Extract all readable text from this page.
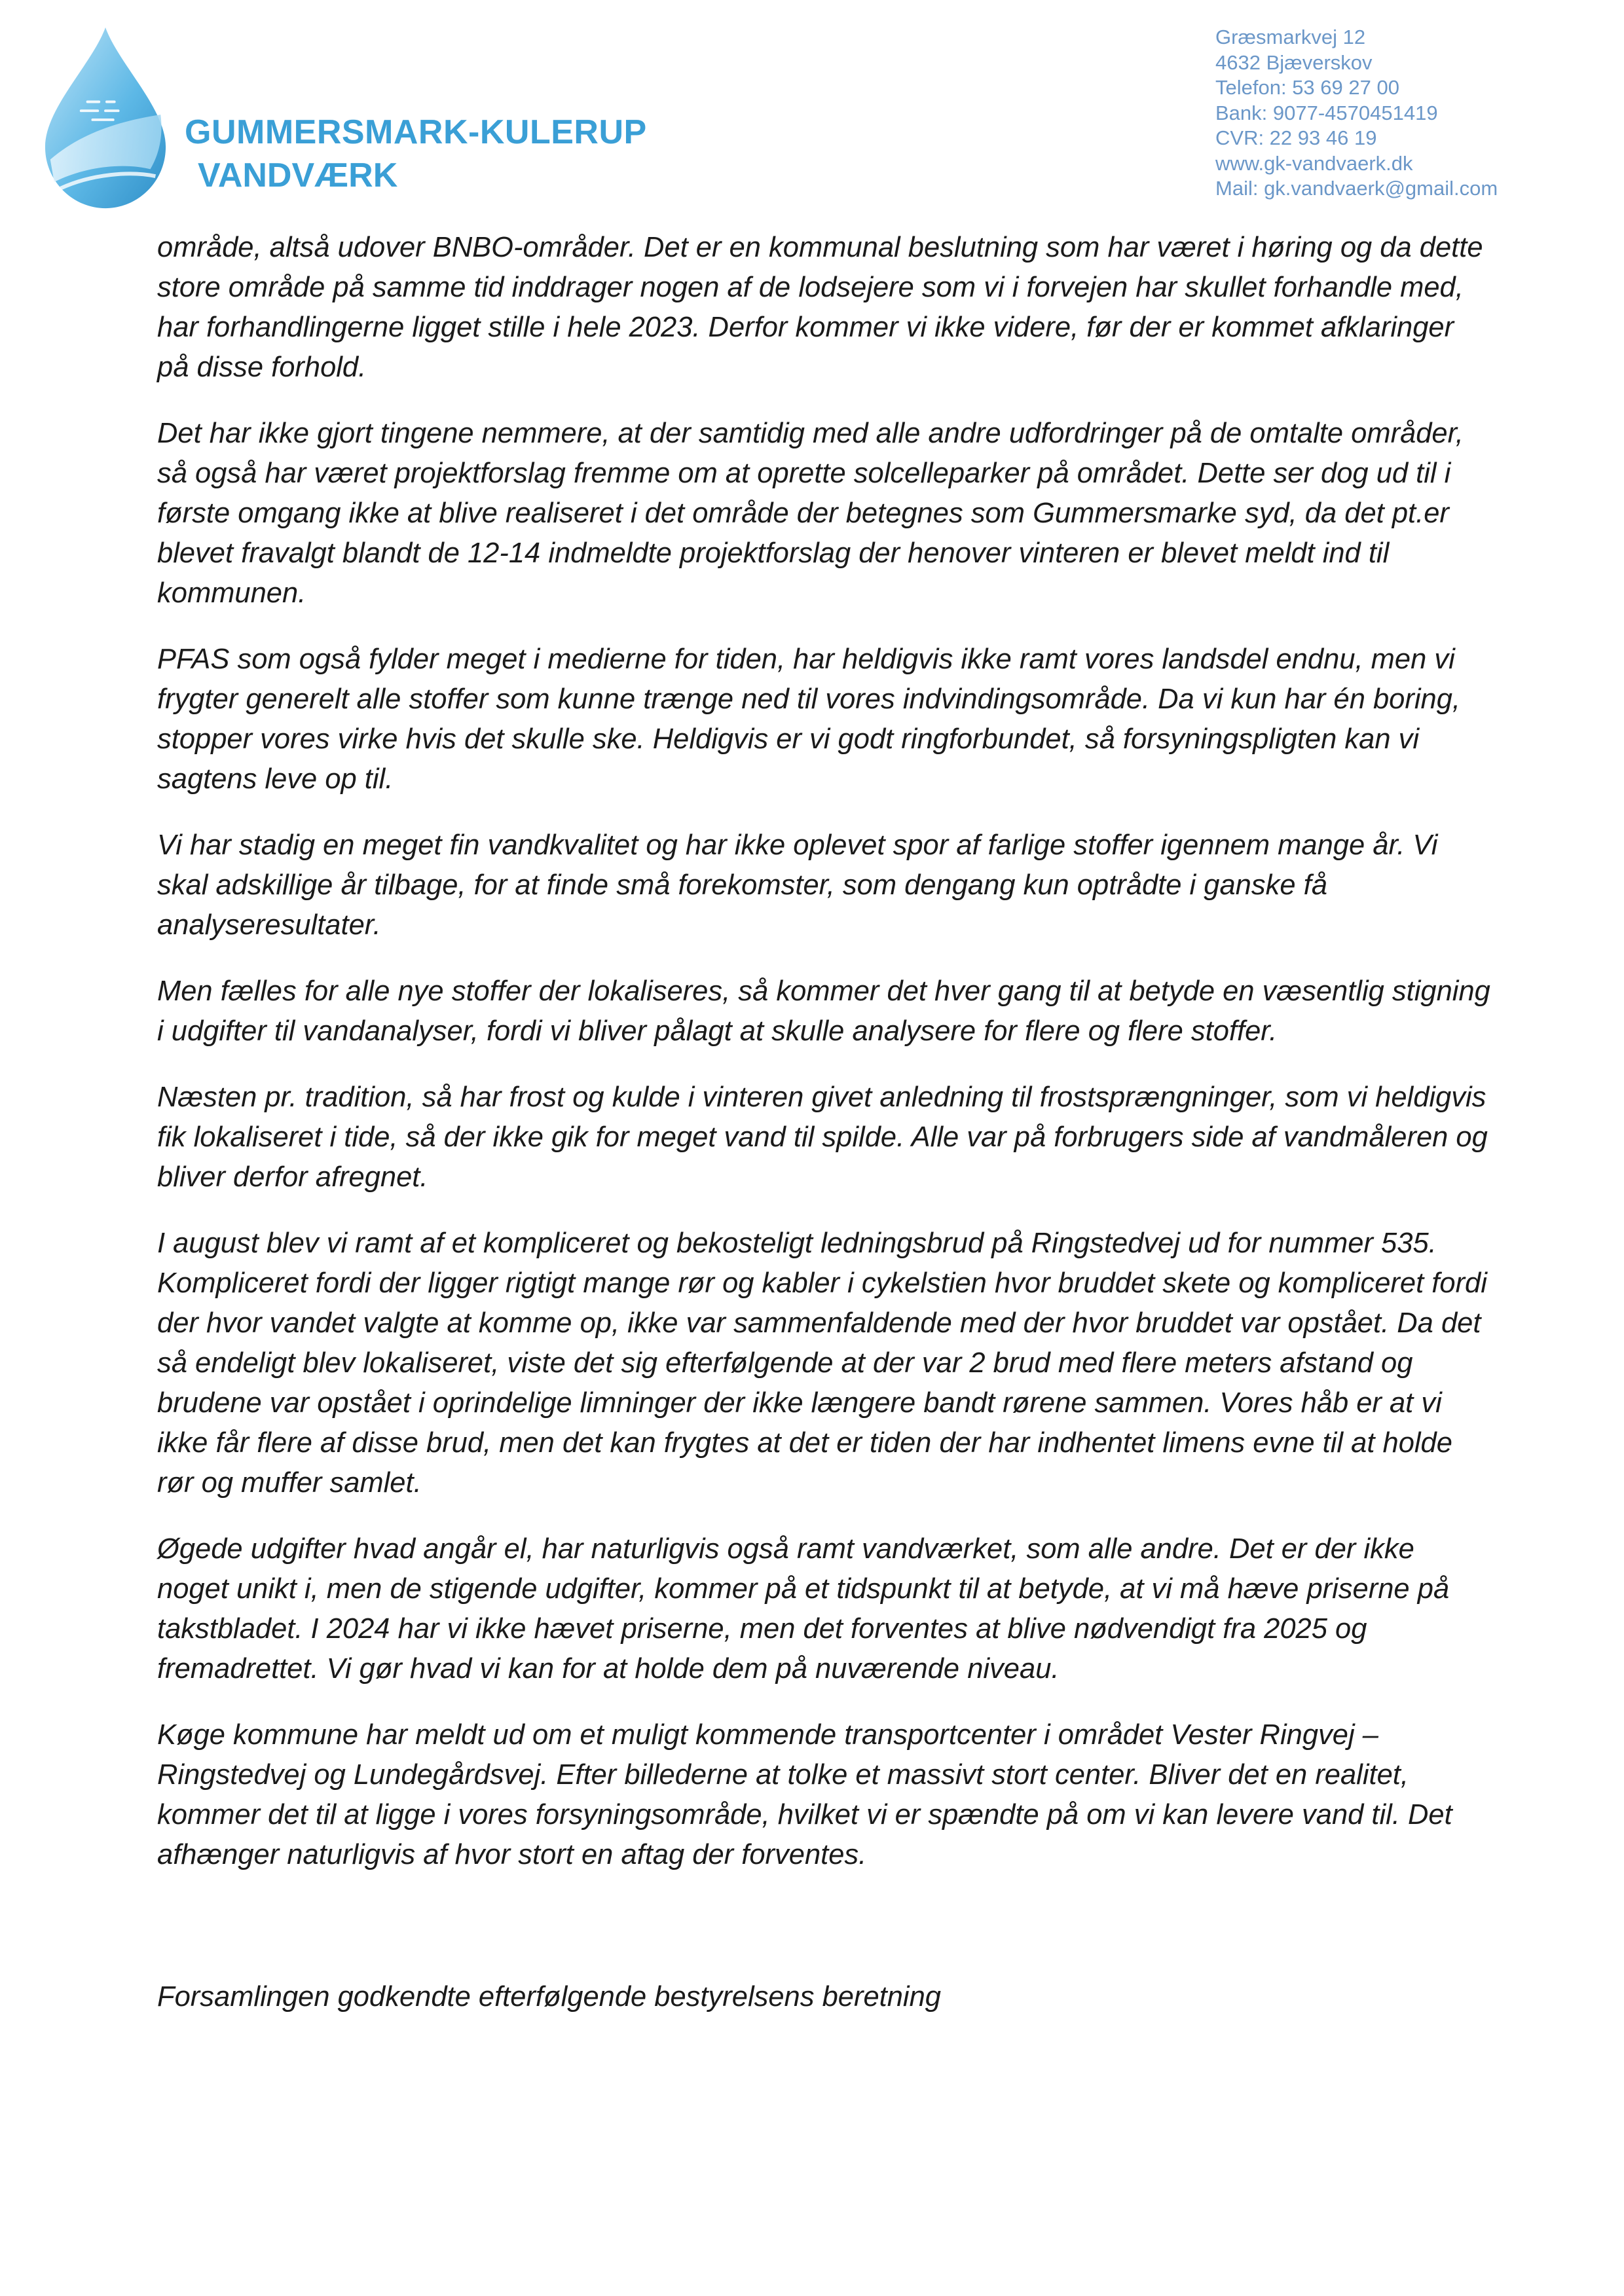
GUMMERSMARK-KULERUP
VANDVÆRK
Græsmarkvej 12
4632 Bjæverskov
Telefon: 53 69 27 00
Bank: 9077-4570451419
CVR: 22 93 46 19
www.gk-vandvaerk.dk
Mail: gk.vandvaerk@gmail.com

område, altså udover BNBO-områder. Det er en kommunal beslutning som har været i høring og da dette store område på samme tid inddrager nogen af de lodsejere som vi i forvejen har skullet forhandle med, har forhandlingerne ligget stille i hele 2023. Derfor kommer vi ikke videre, før der er kommet afklaringer på disse forhold.

Det har ikke gjort tingene nemmere, at der samtidig med alle andre udfordringer på de omtalte områder, så også har været projektforslag fremme om at oprette solcelleparker på området. Dette ser dog ud til i første omgang ikke at blive realiseret i det område der betegnes som Gummersmarke syd, da det pt.er blevet fravalgt blandt de 12-14 indmeldte projektforslag der henover vinteren er blevet meldt ind til kommunen.

PFAS som også fylder meget i medierne for tiden, har heldigvis ikke ramt vores landsdel endnu, men vi frygter generelt alle stoffer som kunne trænge ned til vores indvindingsområde. Da vi kun har én boring, stopper vores virke hvis det skulle ske. Heldigvis er vi godt ringforbundet, så forsyningspligten kan vi sagtens leve op til.

Vi har stadig en meget fin vandkvalitet og har ikke oplevet spor af farlige stoffer igennem mange år. Vi skal adskillige år tilbage, for at finde små forekomster, som dengang kun optrådte i ganske få analyseresultater.

Men fælles for alle nye stoffer der lokaliseres, så kommer det hver gang til at betyde en væsentlig stigning i udgifter til vandanalyser, fordi vi bliver pålagt at skulle analysere for flere og flere stoffer.

Næsten pr. tradition, så har frost og kulde i vinteren givet anledning til frostsprængninger, som vi heldigvis fik lokaliseret i tide, så der ikke gik for meget vand til spilde. Alle var på forbrugers side af vandmåleren og bliver derfor afregnet.

I august blev vi ramt af et kompliceret og bekosteligt ledningsbrud på Ringstedvej ud for nummer 535. Kompliceret fordi der ligger rigtigt mange rør og kabler i cykelstien hvor bruddet skete og kompliceret fordi der hvor vandet valgte at komme op, ikke var sammenfaldende med der hvor bruddet var opstået. Da det så endeligt blev lokaliseret, viste det sig efterfølgende at der var 2 brud med flere meters afstand og brudene var opstået i oprindelige limninger der ikke længere bandt rørene sammen. Vores håb er at vi ikke får flere af disse brud, men det kan frygtes at det er tiden der har indhentet limens evne til at holde rør og muffer samlet.

Øgede udgifter hvad angår el, har naturligvis også ramt vandværket, som alle andre. Det er der ikke noget unikt i, men de stigende udgifter, kommer på et tidspunkt til at betyde, at vi må hæve priserne på takstbladet. I 2024 har vi ikke hævet priserne, men det forventes at blive nødvendigt fra 2025 og fremadrettet. Vi gør hvad vi kan for at holde dem på nuværende niveau.

Køge kommune har meldt ud om et muligt kommende transportcenter i området Vester Ringvej – Ringstedvej og Lundegårdsvej. Efter billederne at tolke et massivt stort center. Bliver det en realitet, kommer det til at ligge i vores forsyningsområde, hvilket vi er spændte på om vi kan levere vand til. Det afhænger naturligvis af hvor stort en aftag der forventes.

Forsamlingen godkendte efterfølgende bestyrelsens beretning
